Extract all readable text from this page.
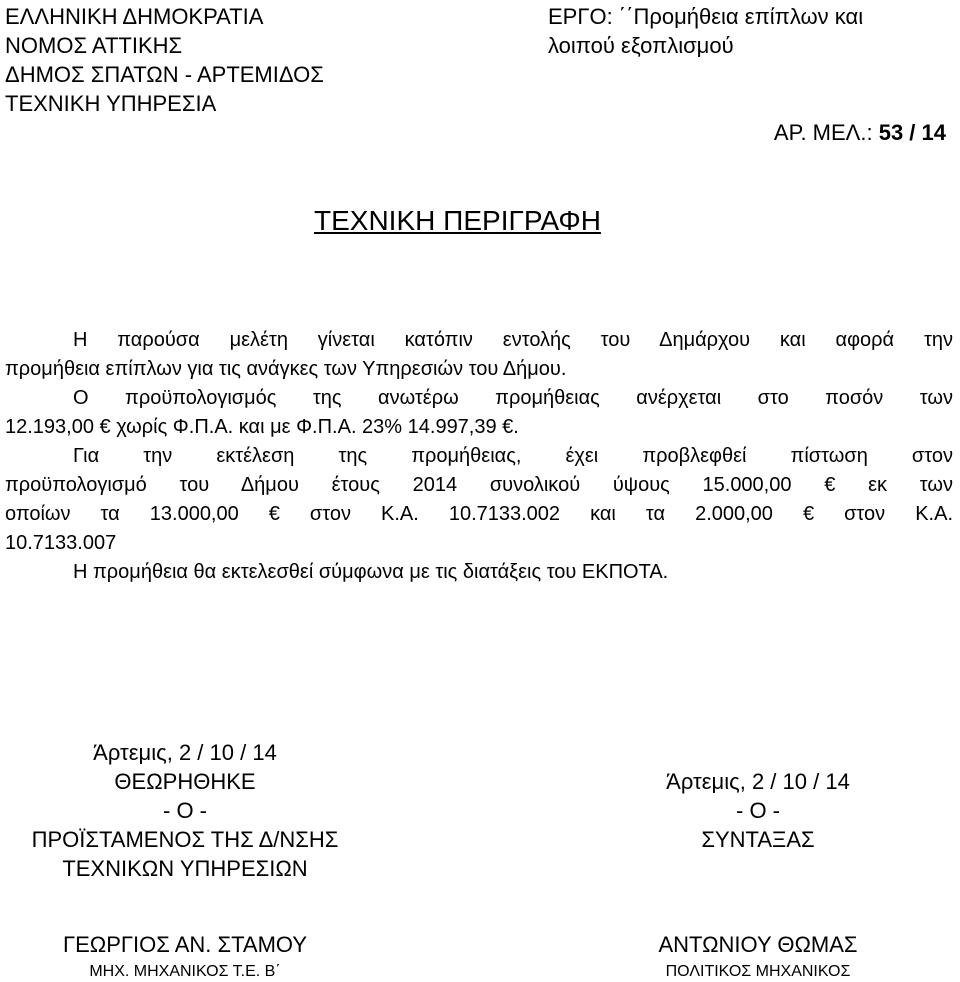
ΕΛΛΗΝΙΚΗ ΔΗΜΟΚΡΑΤΙΑ
ΝΟΜΟΣ ΑΤΤΙΚΗΣ
ΔΗΜΟΣ ΣΠΑΤΩΝ - ΑΡΤΕΜΙΔΟΣ
ΤΕΧΝΙΚΗ ΥΠΗΡΕΣΙΑ
ΕΡΓΟ: ΄΄Προμήθεια επίπλων και
λοιπού εξοπλισμού
ΑΡ. ΜΕΛ.: 53 / 14
ΤΕΧΝΙΚΗ ΠΕΡΙΓΡΑΦΗ
Η παρούσα μελέτη γίνεται κατόπιν εντολής του Δημάρχου και αφορά την
προμήθεια επίπλων για τις ανάγκες των Υπηρεσιών του Δήμου.
Ο προϋπολογισμός της ανωτέρω προμήθειας ανέρχεται στο ποσόν των
12.193,00 € χωρίς Φ.Π.Α. και με Φ.Π.Α. 23% 14.997,39 €.
Για την εκτέλεση της προμήθειας, έχει προβλεφθεί πίστωση στον
προϋπολογισμό του Δήμου έτους 2014 συνολικού ύψους 15.000,00 € εκ των
οποίων τα 13.000,00 € στον Κ.Α. 10.7133.002 και τα 2.000,00 € στον Κ.Α.
10.7133.007
Η προμήθεια θα εκτελεσθεί σύμφωνα με τις διατάξεις του ΕΚΠΟΤΑ.
Άρτεμις, 2 / 10 / 14
ΘΕΩΡΗΘΗΚΕ
- Ο -
ΠΡΟΪΣΤΑΜΕΝΟΣ ΤΗΣ Δ/ΝΣΗΣ
ΤΕΧΝΙΚΩΝ ΥΠΗΡΕΣΙΩΝ
Άρτεμις, 2 / 10 / 14
- Ο -
ΣΥΝΤΑΞΑΣ
ΓΕΩΡΓΙΟΣ ΑΝ. ΣΤΑΜΟΥ
ΜΗΧ. ΜΗΧΑΝΙΚΟΣ Τ.Ε. Β΄
ΑΝΤΩΝΙΟΥ ΘΩΜΑΣ
ΠΟΛΙΤΙΚΟΣ ΜΗΧΑΝΙΚΟΣ
